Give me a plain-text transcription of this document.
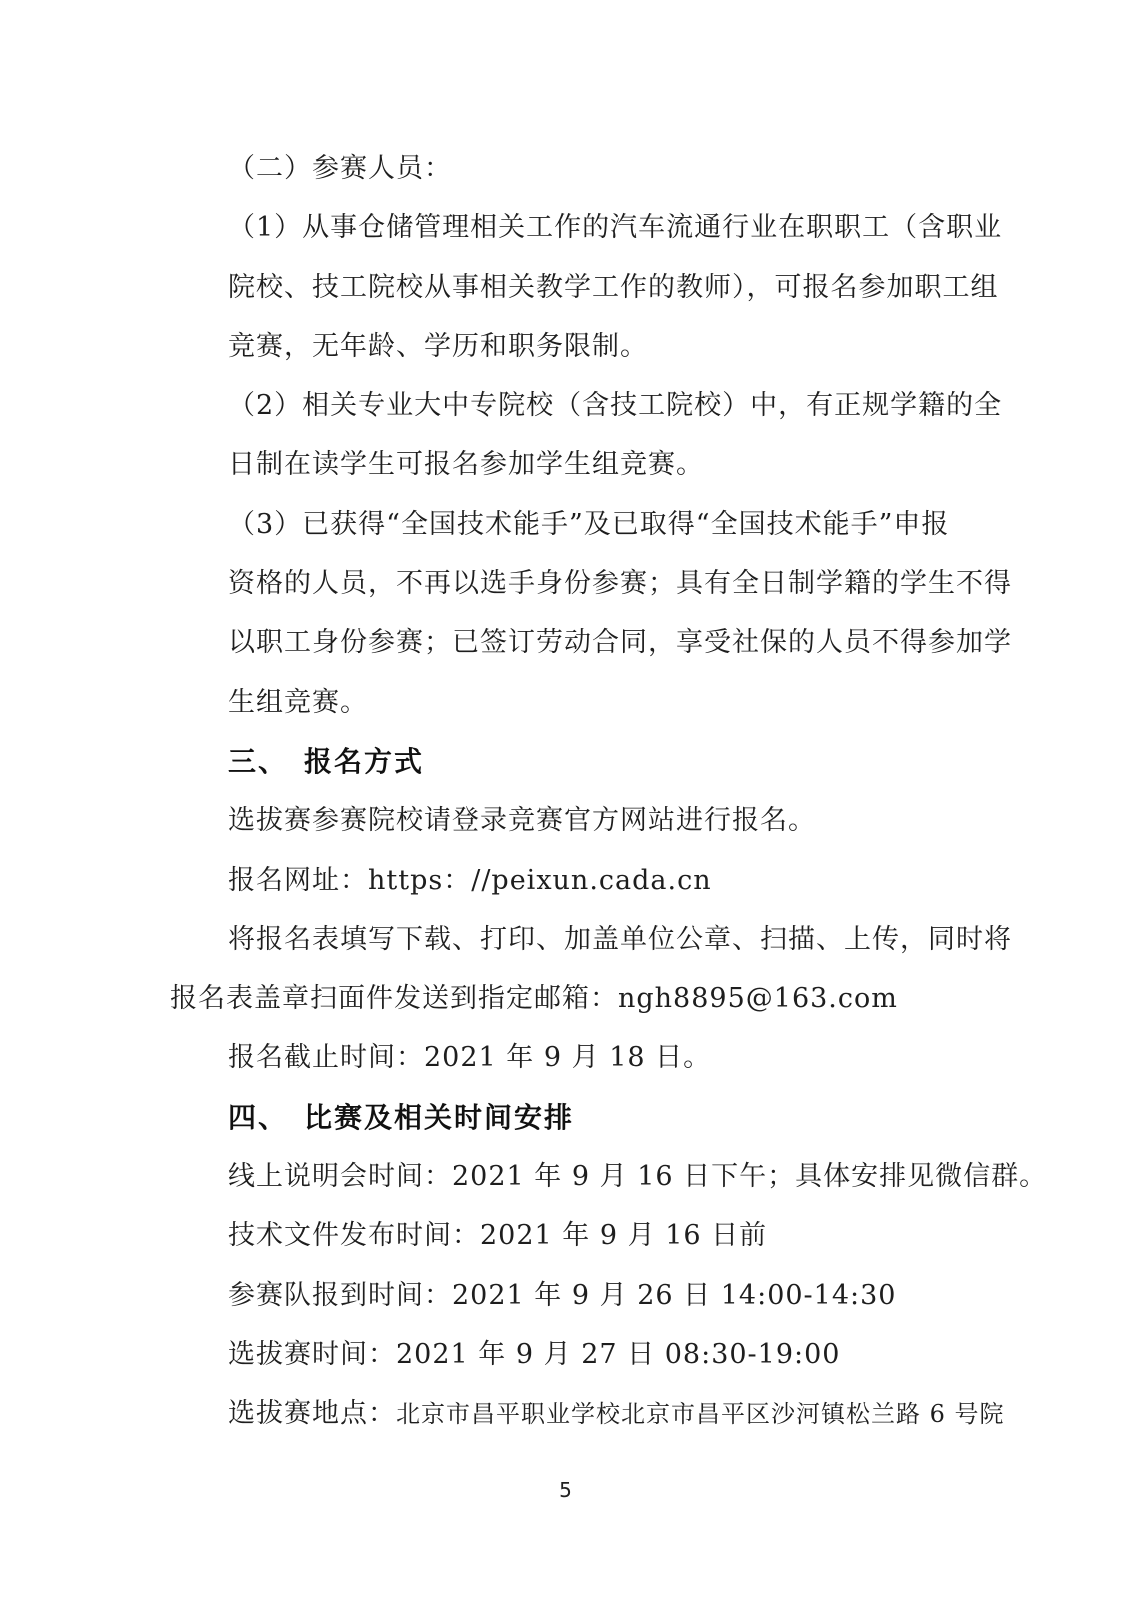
（二）参赛人员：
（1）从事仓储管理相关工作的汽车流通行业在职职工（含职业
院校、技工院校从事相关教学工作的教师），可报名参加职工组
竞赛，无年龄、学历和职务限制。
（2）相关专业大中专院校（含技工院校）中，有正规学籍的全
日制在读学生可报名参加学生组竞赛。
（3）已获得“全国技术能手”及已取得“全国技术能手”申报
资格的人员，不再以选手身份参赛；具有全日制学籍的学生不得
以职工身份参赛；已签订劳动合同，享受社保的人员不得参加学
生组竞赛。
三、　报名方式
选拔赛参赛院校请登录竞赛官方网站进行报名。
报名网址：https：//peixun.cada.cn
将报名表填写下载、打印、加盖单位公章、扫描、上传，同时将
报名表盖章扫面件发送到指定邮箱：ngh8895@163.com
报名截止时间：2021 年 9 月 18 日。
四、　比赛及相关时间安排
线上说明会时间：2021 年 9 月 16 日下午；具体安排见微信群。
技术文件发布时间：2021 年 9 月 16 日前
参赛队报到时间：2021 年 9 月 26 日 14:00-14:30
选拔赛时间：2021 年 9 月 27 日 08:30-19:00
选拔赛地点：北京市昌平职业学校北京市昌平区沙河镇松兰路 6 号院
5
